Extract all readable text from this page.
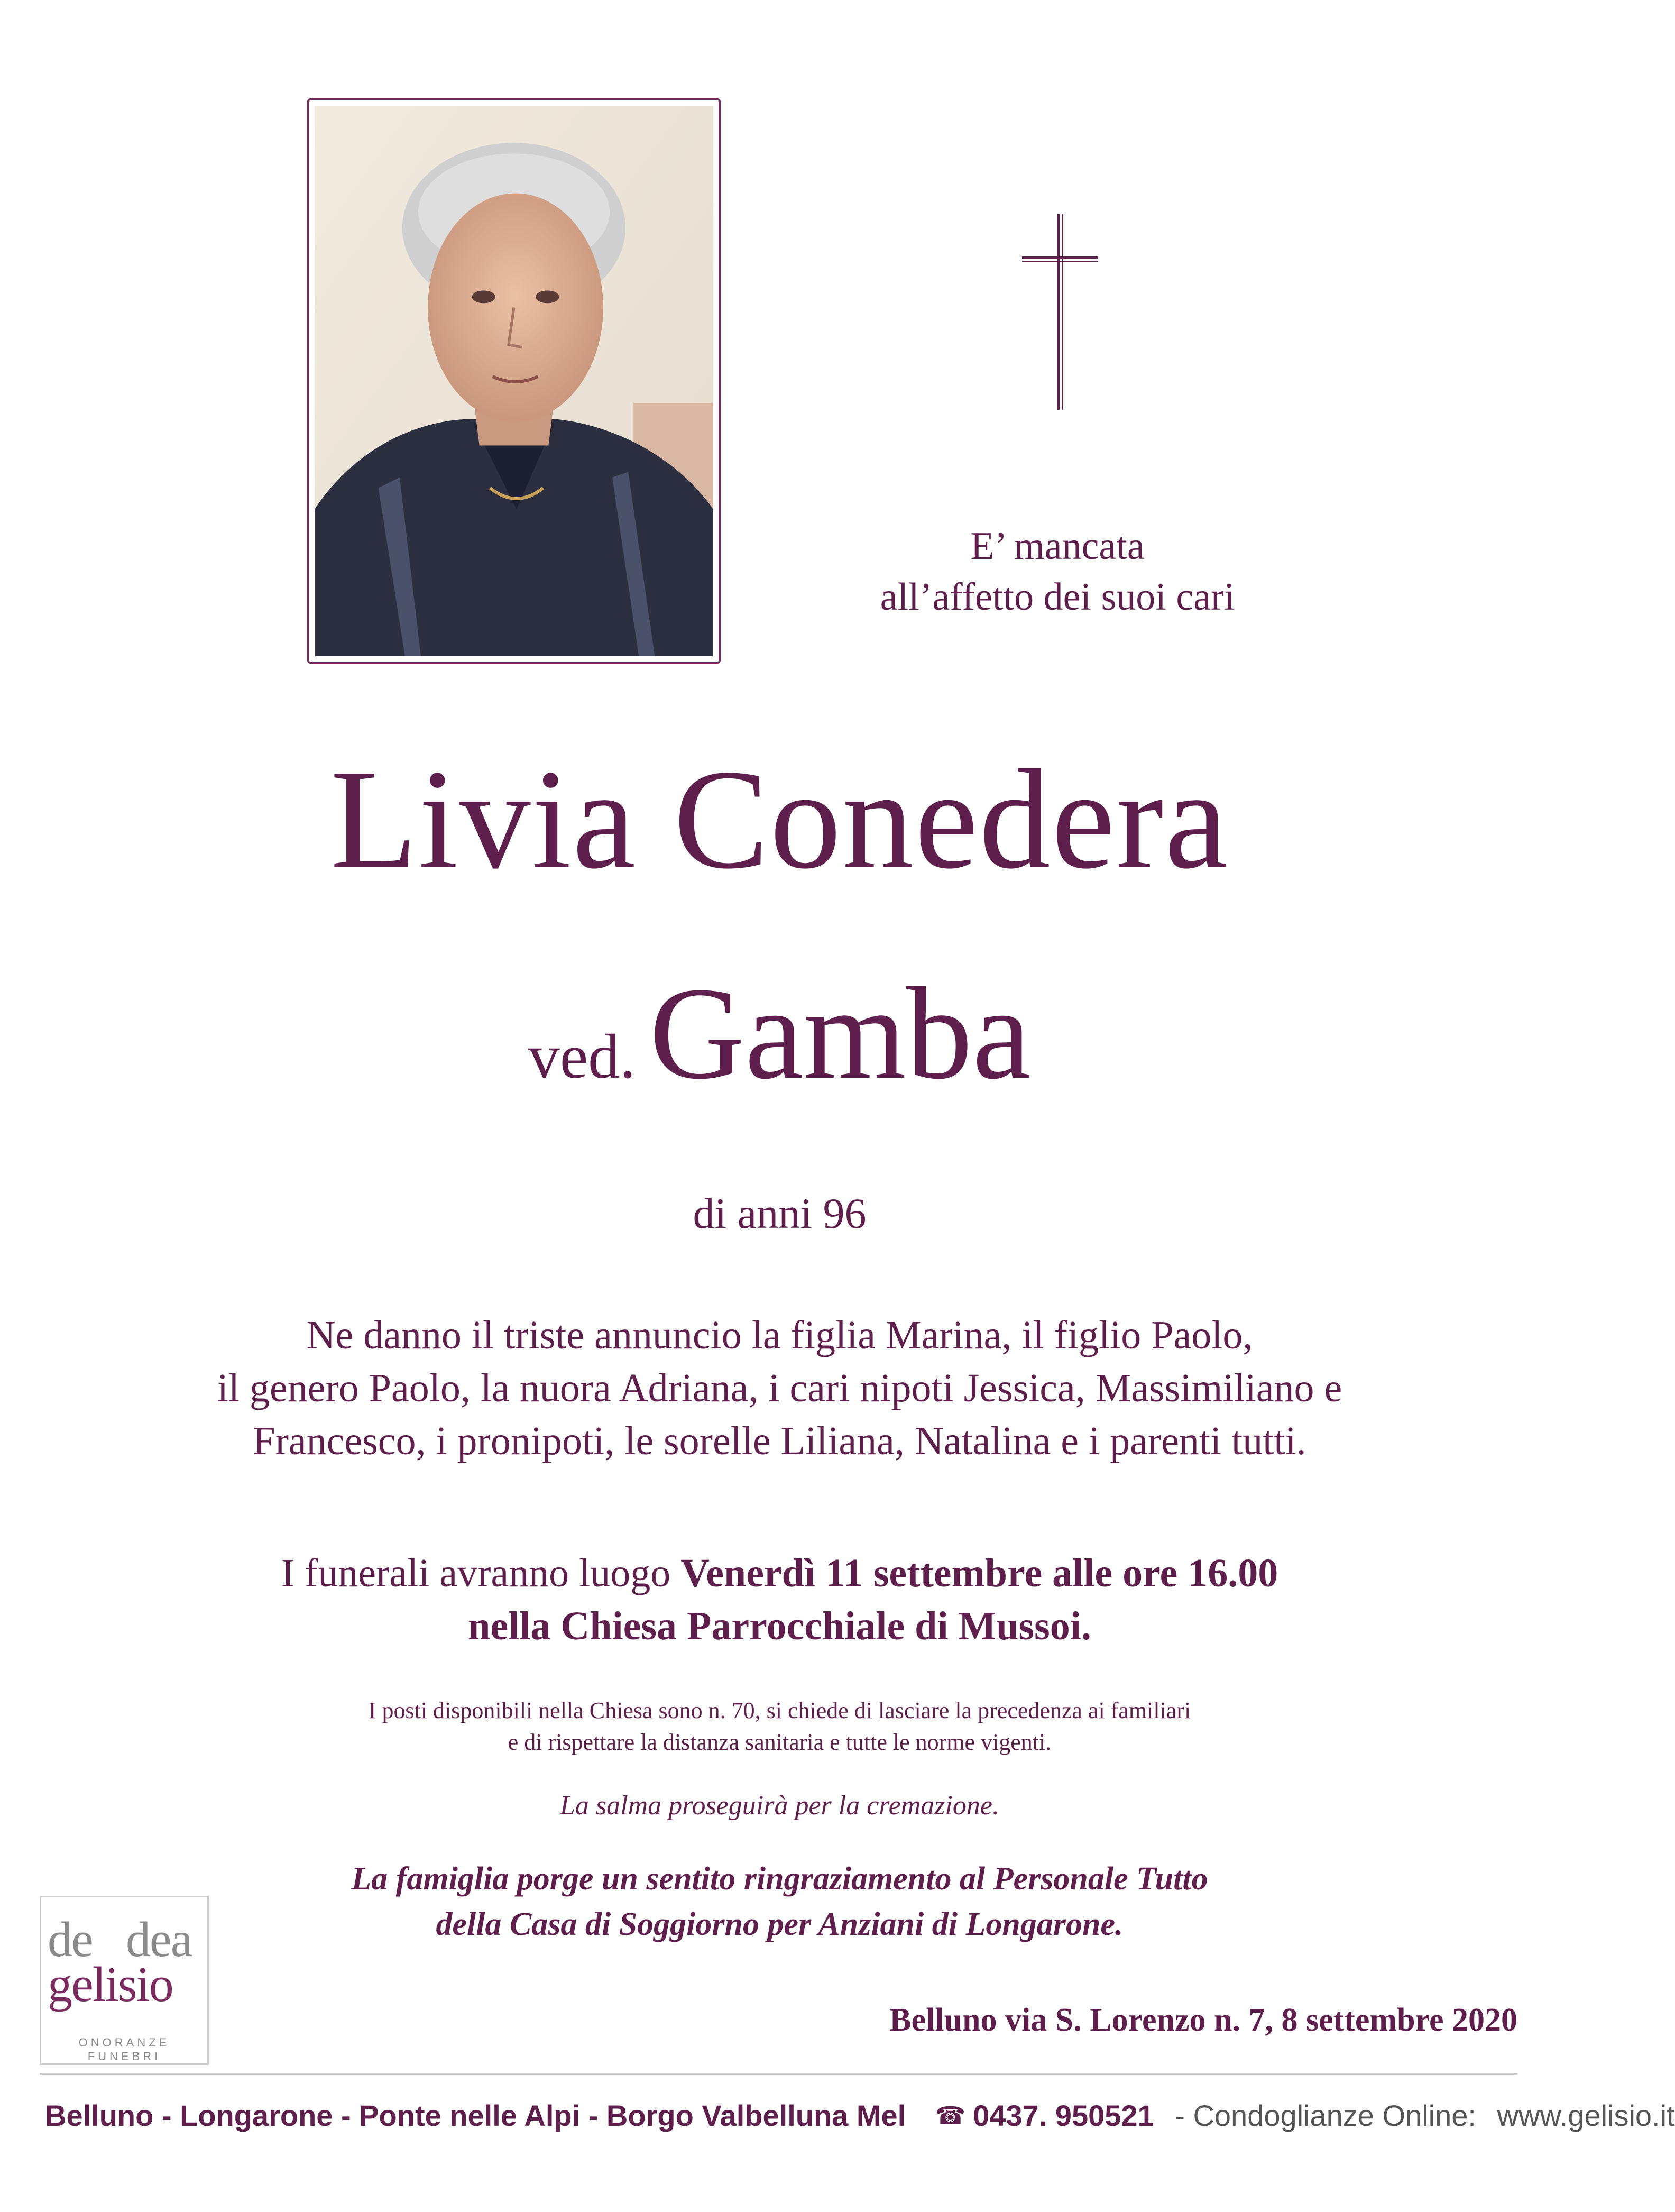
E’ mancata
all’affetto dei suoi cari
Livia Conedera
ved. Gamba
di anni 96
Ne danno il triste annuncio la figlia Marina, il figlio Paolo,
il genero Paolo, la nuora Adriana, i cari nipoti Jessica, Massimiliano e
Francesco, i pronipoti, le sorelle Liliana, Natalina e i parenti tutti.
I funerali avranno luogo Venerdì 11 settembre alle ore 16.00
nella Chiesa Parrocchiale di Mussoi.
I posti disponibili nella Chiesa sono n. 70, si chiede di lasciare la precedenza ai familiari
e di rispettare la distanza sanitaria e tutte le norme vigenti.
La salma proseguirà per la cremazione.
La famiglia porge un sentito ringraziamento al Personale Tutto
della Casa di Soggiorno per Anziani di Longarone.
Belluno via S. Lorenzo n. 7, 8 settembre 2020
de dea
gelisio
ONORANZE FUNEBRI
Belluno - Longarone - Ponte nelle Alpi - Borgo Valbelluna Mel ☎ 0437. 950521 - Condoglianze Online: www.gelisio.it
